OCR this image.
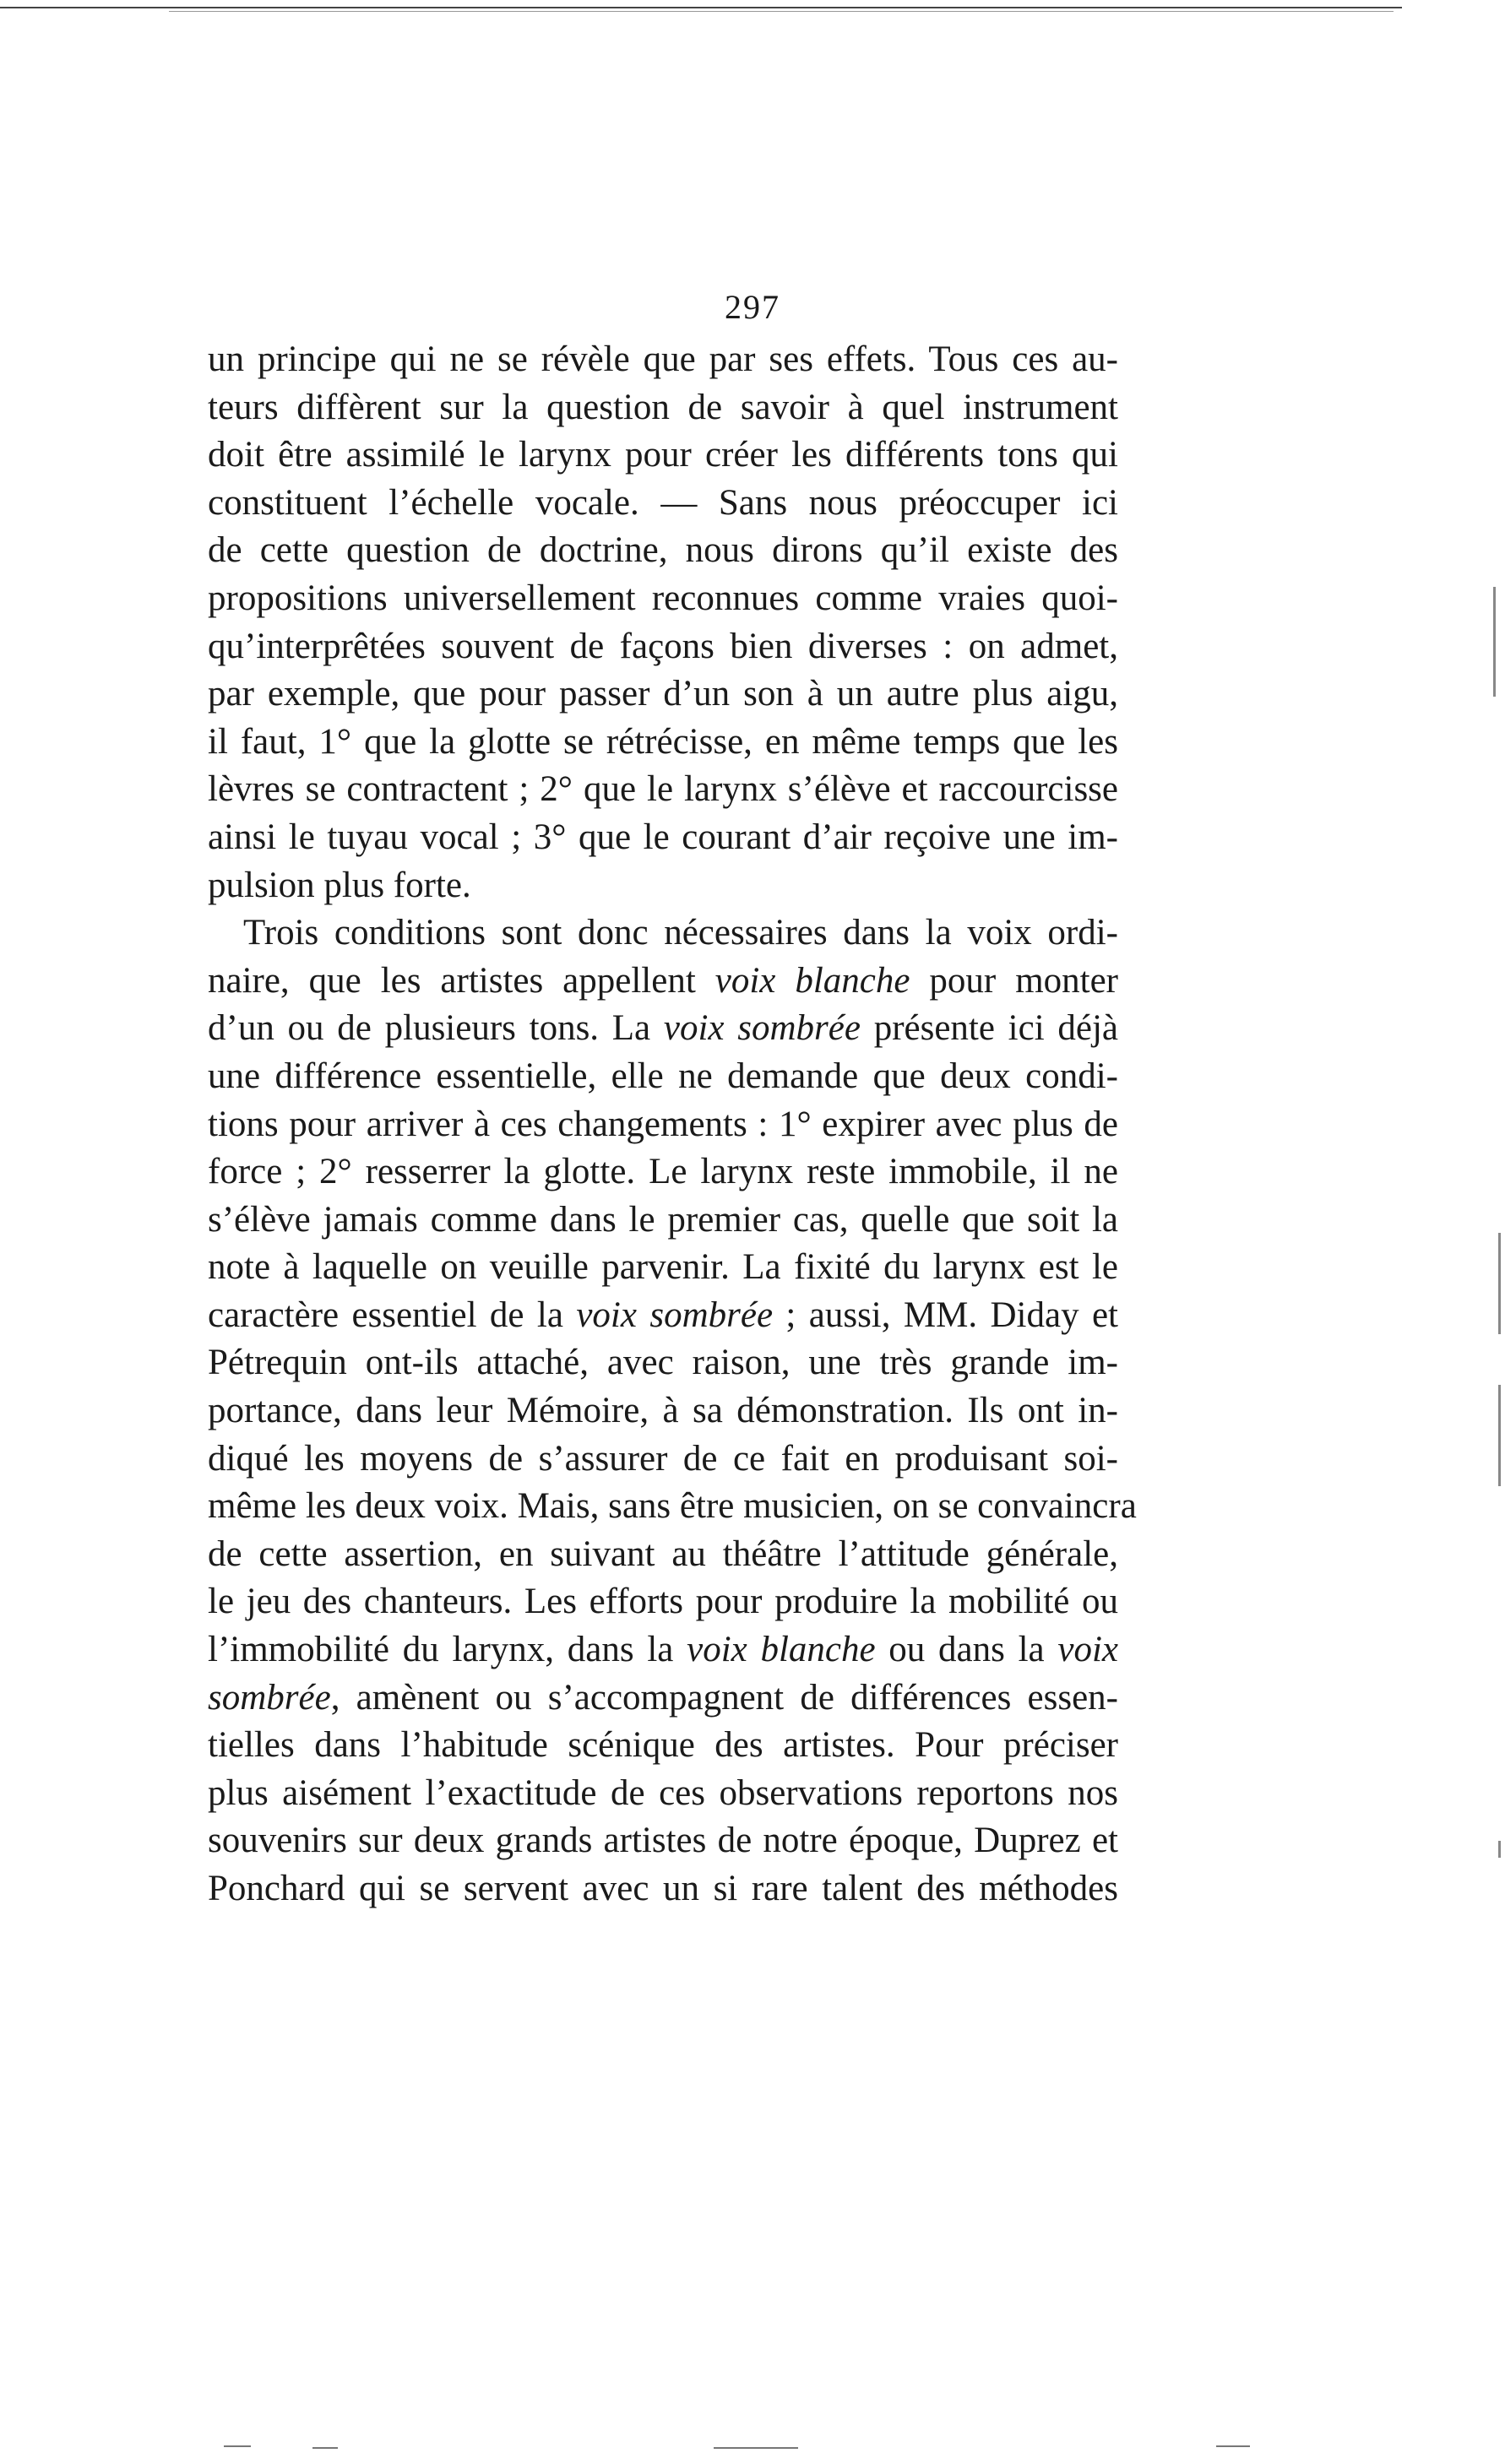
297
un principe qui ne se révèle que par ses effets. Tous ces au-
teurs diffèrent sur la question de savoir à quel instrument
doit être assimilé le larynx pour créer les différents tons qui
constituent l’échelle vocale. — Sans nous préoccuper ici
de cette question de doctrine, nous dirons qu’il existe des
propositions universellement reconnues comme vraies quoi-
qu’interprêtées souvent de façons bien diverses : on admet,
par exemple, que pour passer d’un son à un autre plus aigu,
il faut, 1° que la glotte se rétrécisse, en même temps que les
lèvres se contractent ; 2° que le larynx s’élève et raccourcisse
ainsi le tuyau vocal ; 3° que le courant d’air reçoive une im-
pulsion plus forte.
Trois conditions sont donc nécessaires dans la voix ordi-
naire, que les artistes appellent voix blanche pour monter
d’un ou de plusieurs tons. La voix sombrée présente ici déjà
une différence essentielle, elle ne demande que deux condi-
tions pour arriver à ces changements : 1° expirer avec plus de
force ; 2° resserrer la glotte. Le larynx reste immobile, il ne
s’élève jamais comme dans le premier cas, quelle que soit la
note à laquelle on veuille parvenir. La fixité du larynx est le
caractère essentiel de la voix sombrée ; aussi, MM. Diday et
Pétrequin ont-ils attaché, avec raison, une très grande im-
portance, dans leur Mémoire, à sa démonstration. Ils ont in-
diqué les moyens de s’assurer de ce fait en produisant soi-
même les deux voix. Mais, sans être musicien, on se convaincra
de cette assertion, en suivant au théâtre l’attitude générale,
le jeu des chanteurs. Les efforts pour produire la mobilité ou
l’immobilité du larynx, dans la voix blanche ou dans la voix
sombrée, amènent ou s’accompagnent de différences essen-
tielles dans l’habitude scénique des artistes. Pour préciser
plus aisément l’exactitude de ces observations reportons nos
souvenirs sur deux grands artistes de notre époque, Duprez et
Ponchard qui se servent avec un si rare talent des méthodes
